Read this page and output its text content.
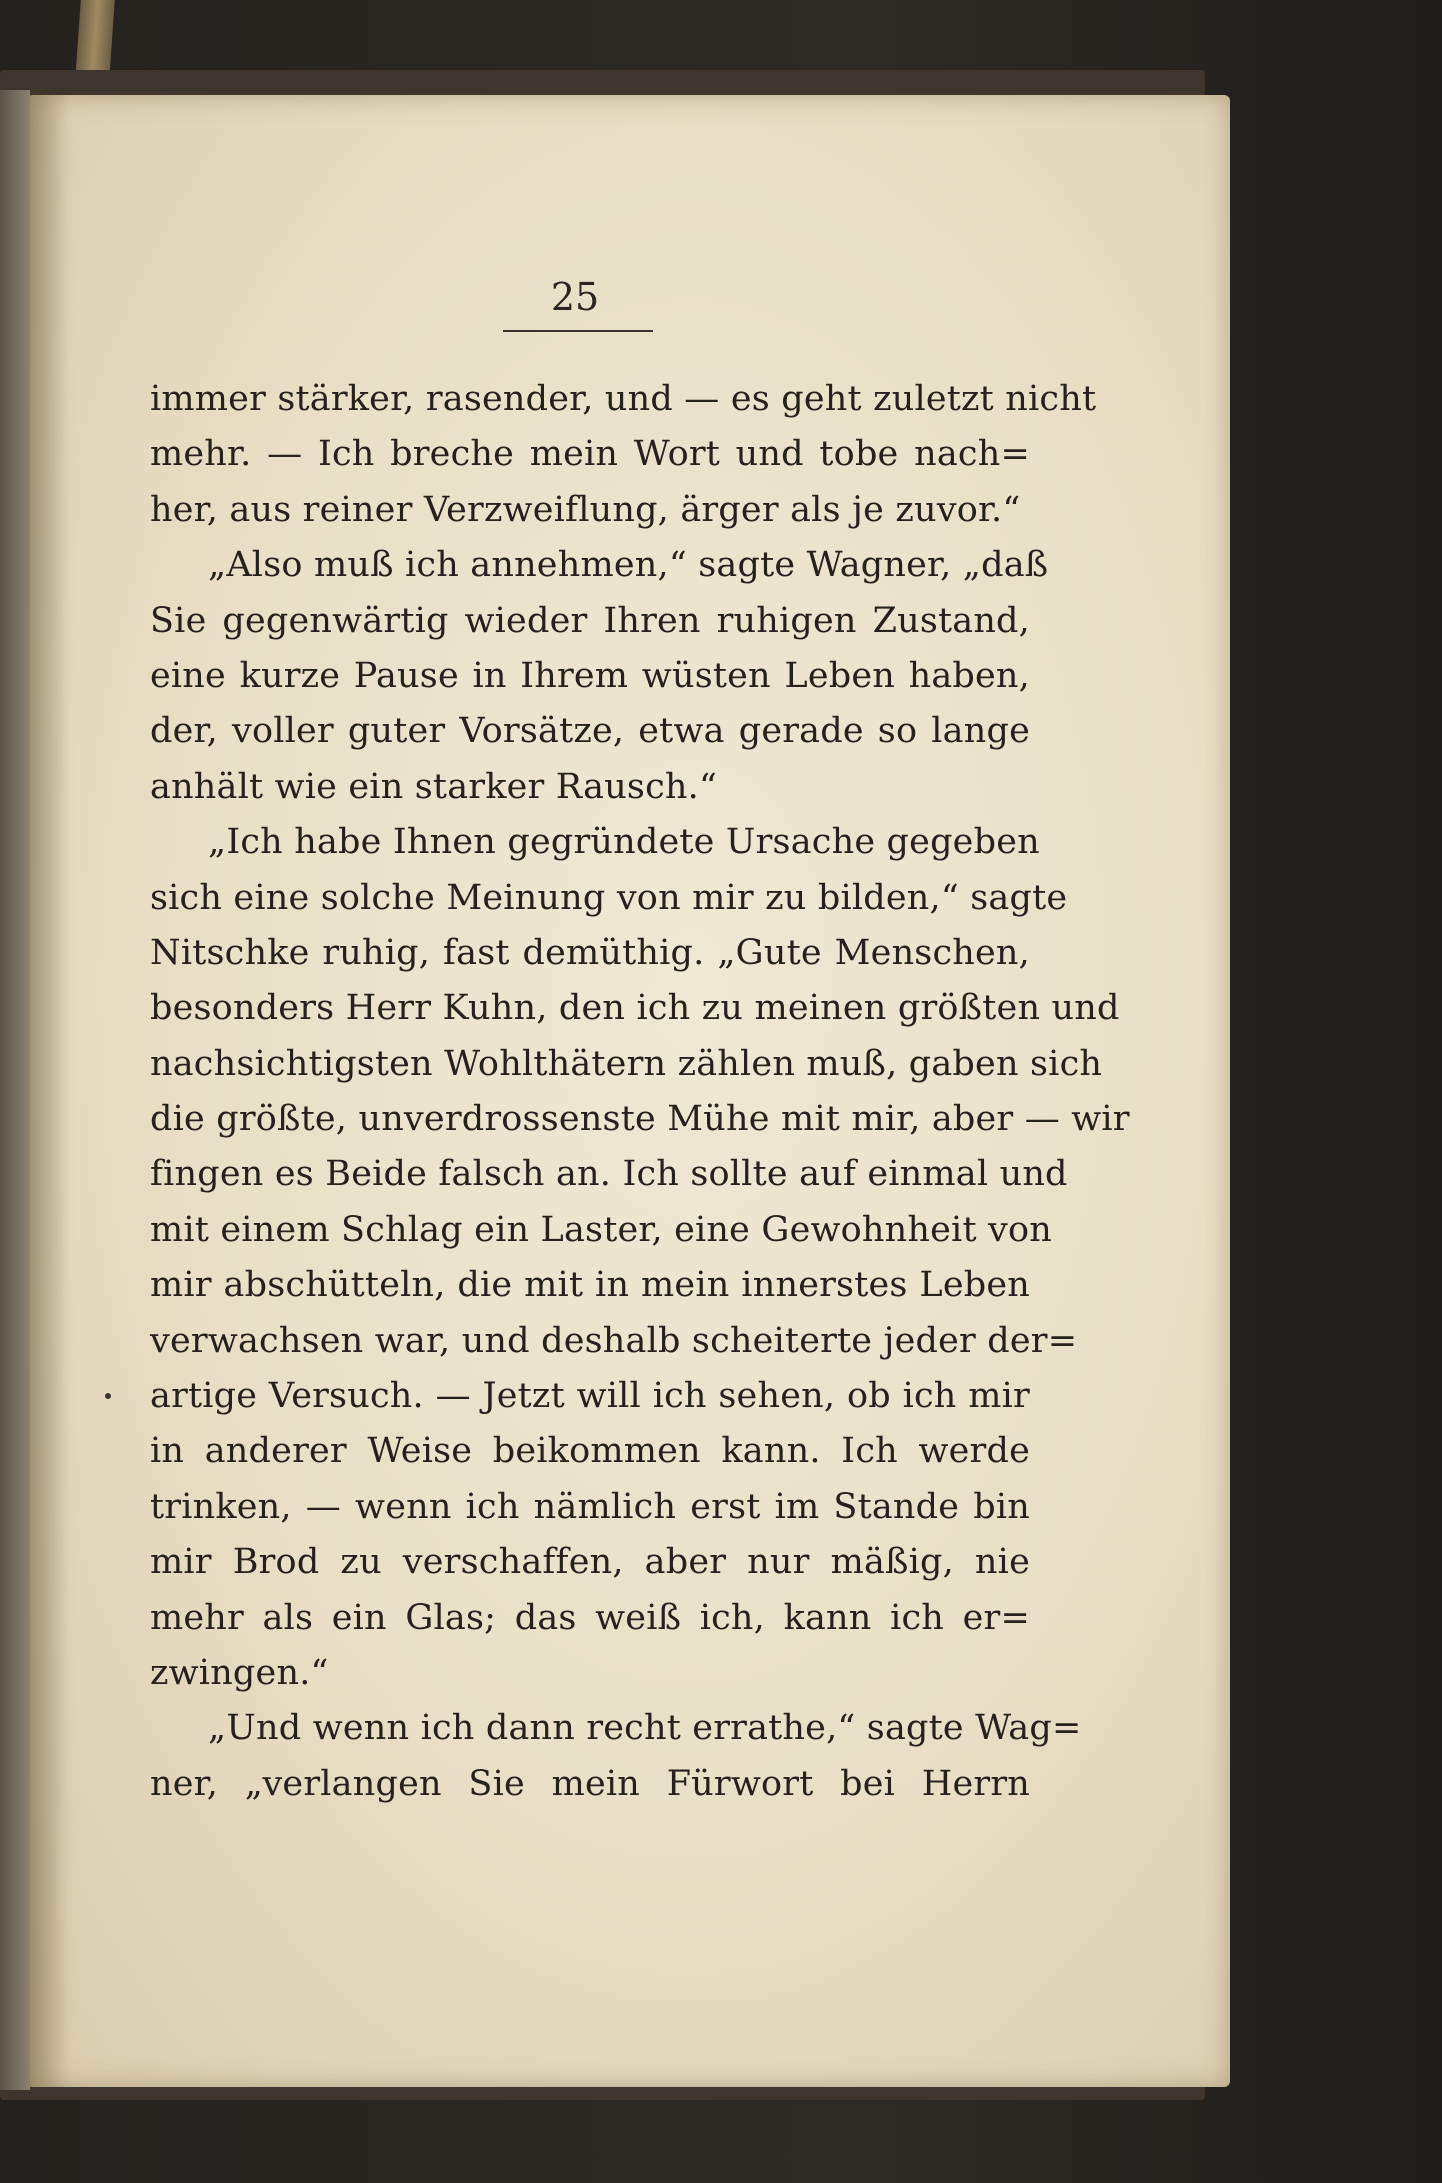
25
immer stärker, rasender, und — es geht zuletzt nicht
mehr. — Ich breche mein Wort und tobe nach=
her, aus reiner Verzweiflung, ärger als je zuvor.“
„Also muß ich annehmen,“ sagte Wagner, „daß
Sie gegenwärtig wieder Ihren ruhigen Zustand,
eine kurze Pause in Ihrem wüsten Leben haben,
der, voller guter Vorsätze, etwa gerade so lange
anhält wie ein starker Rausch.“
„Ich habe Ihnen gegründete Ursache gegeben
sich eine solche Meinung von mir zu bilden,“ sagte
Nitschke ruhig, fast demüthig. „Gute Menschen,
besonders Herr Kuhn, den ich zu meinen größten und
nachsichtigsten Wohlthätern zählen muß, gaben sich
die größte, unverdrossenste Mühe mit mir, aber — wir
fingen es Beide falsch an. Ich sollte auf einmal und
mit einem Schlag ein Laster, eine Gewohnheit von
mir abschütteln, die mit in mein innerstes Leben
verwachsen war, und deshalb scheiterte jeder der=
artige Versuch. — Jetzt will ich sehen, ob ich mir
in anderer Weise beikommen kann. Ich werde
trinken, — wenn ich nämlich erst im Stande bin
mir Brod zu verschaffen, aber nur mäßig, nie
mehr als ein Glas; das weiß ich, kann ich er=
zwingen.“
„Und wenn ich dann recht errathe,“ sagte Wag=
ner, „verlangen Sie mein Fürwort bei Herrn
